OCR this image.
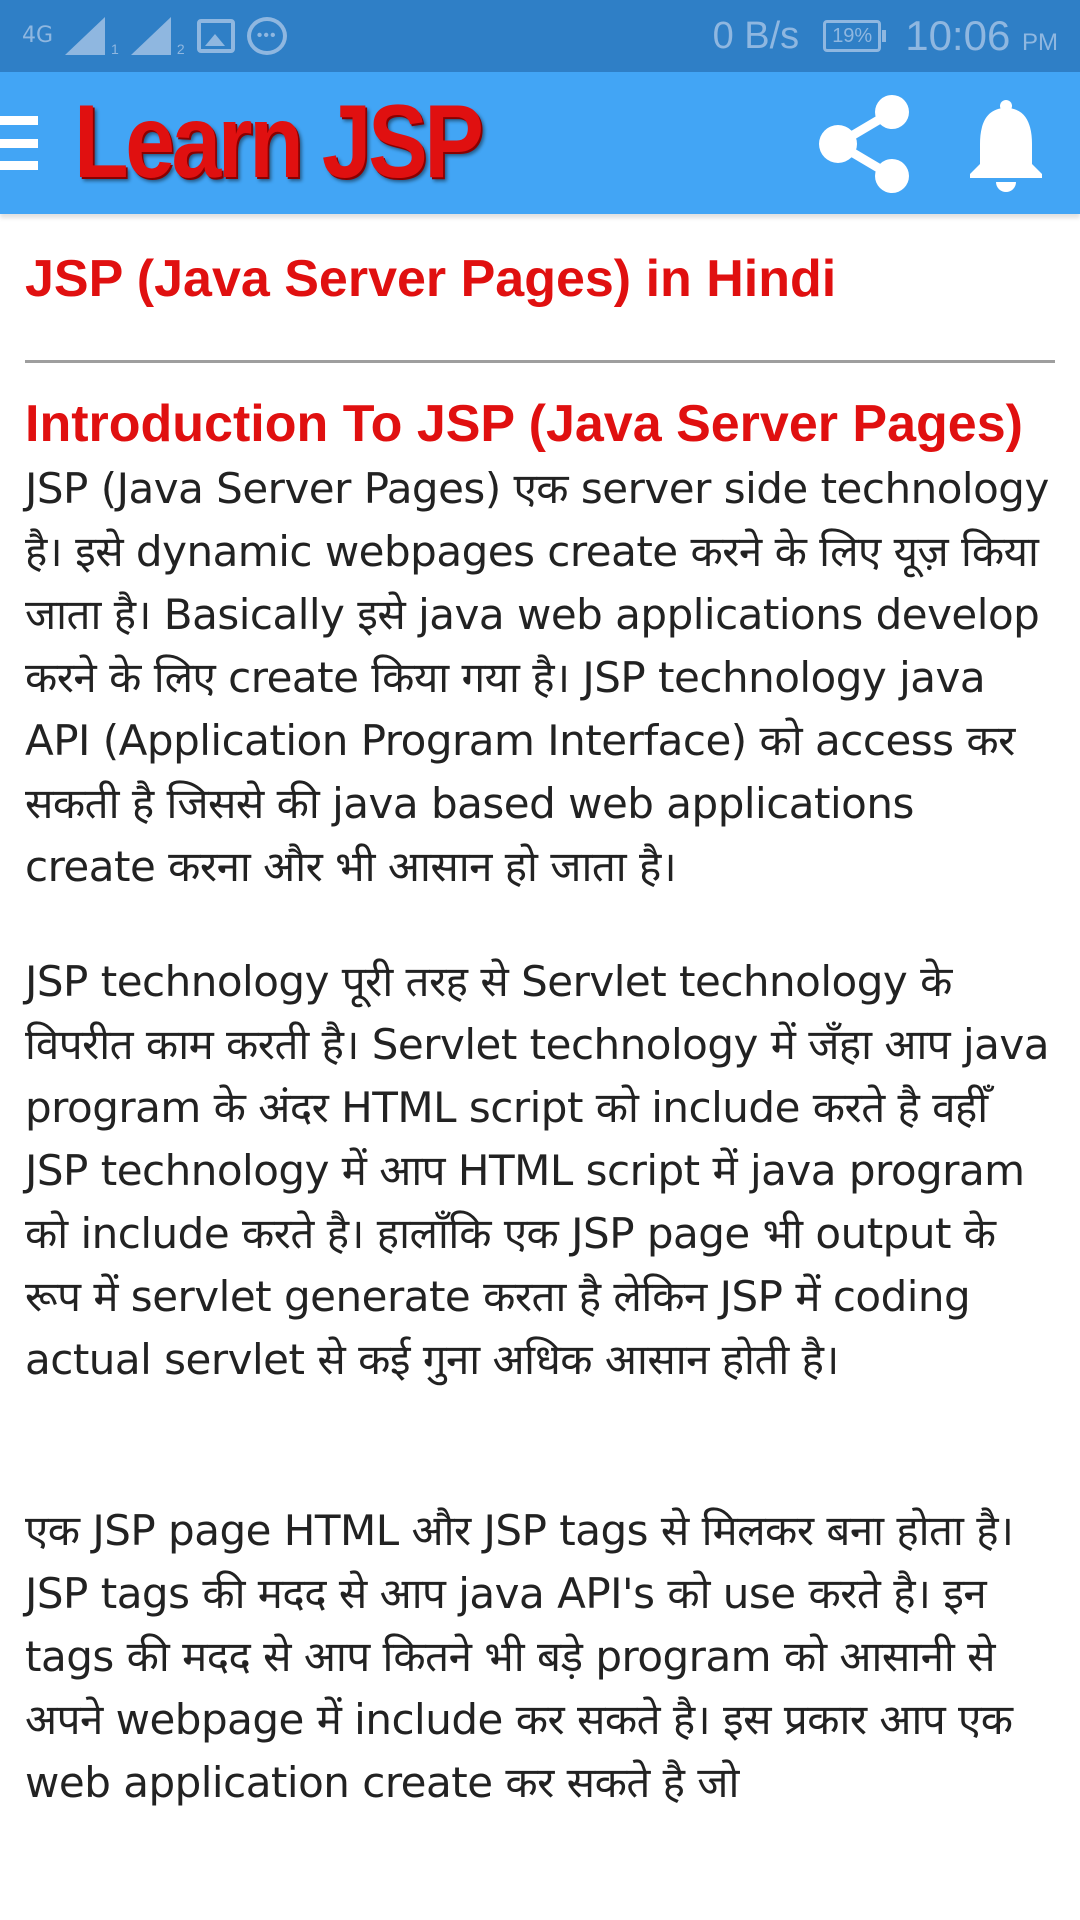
4G
1	2
•••	0 B/s	19% 10:06 PM
Learn JSP
JSP (Java Server Pages) in Hindi
Introduction To JSP (Java Server Pages)

JSP (Java Server Pages) एक server side technology है। इसे dynamic webpages create करने के लिए यूज़ किया जाता है। Basically इसे java web applications develop करने के लिए create किया गया है। JSP technology java API (Application Program Interface) को access कर सकती है जिससे की java based web applications create करना और भी आसान हो जाता है।

JSP technology पूरी तरह से Servlet technology के विपरीत काम करती है। Servlet technology में जँहा आप java program के अंदर HTML script को include करते है वहीँ JSP technology में आप HTML script में java program को include करते है। हालाँकि एक JSP page भी output के रूप में servlet generate करता है लेकिन JSP में coding actual servlet से कई गुना अधिक आसान होती है।

एक JSP page HTML और JSP tags से मिलकर बना होता है। JSP tags की मदद से आप java API's को use करते है। इन tags की मदद से आप कितने भी बड़े program को आसानी से अपने webpage में include कर सकते है। इस प्रकार आप एक web application create कर सकते है जो
